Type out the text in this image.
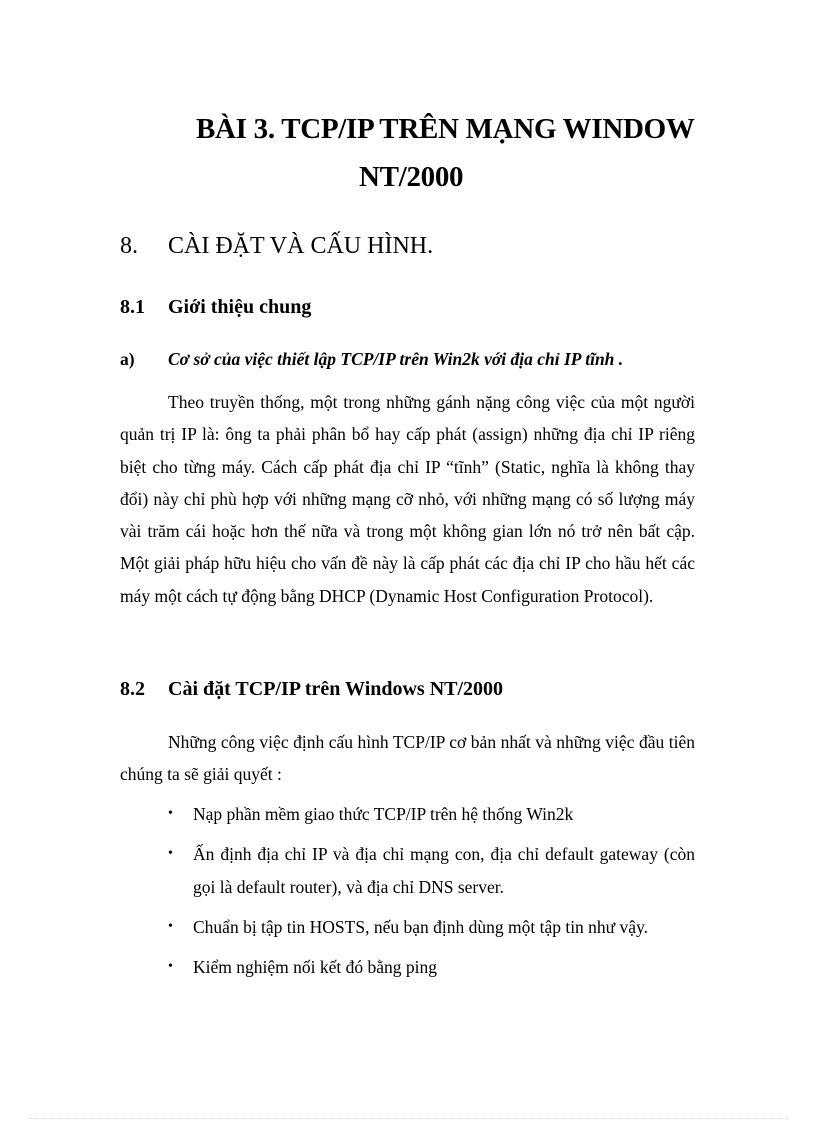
BÀI 3. TCP/IP TRÊN MẠNG WINDOW
NT/2000
8. CÀI ĐẶT VÀ CẤU HÌNH.
8.1 Giới thiệu chung
a) Cơ sở của việc thiết lập TCP/IP trên Win2k với địa chỉ IP tĩnh .

Theo truyền thống, một trong những gánh nặng công việc của một người quản trị IP là: ông ta phải phân bổ hay cấp phát (assign) những địa chỉ IP riêng biệt cho từng máy. Cách cấp phát địa chỉ IP “tĩnh” (Static, nghĩa là không thay đổi) này chỉ phù hợp với những mạng cỡ nhỏ, với những mạng có số lượng máy vài trăm cái hoặc hơn thế nữa và trong một không gian lớn nó trở nên bất cập. Một giải pháp hữu hiệu cho vấn đề này là cấp phát các địa chỉ IP cho hầu hết các máy một cách tự động bằng DHCP (Dynamic Host Configuration Protocol).

8.2 Cài đặt TCP/IP trên Windows NT/2000

Những công việc định cấu hình TCP/IP cơ bản nhất và những việc đầu tiên chúng ta sẽ giải quyết :

• Nạp phần mềm giao thức TCP/IP trên hệ thống Win2k
• Ấn định địa chỉ IP và địa chỉ mạng con, địa chỉ default gateway (còn gọi là default router), và địa chỉ DNS server.
• Chuẩn bị tập tin HOSTS, nếu bạn định dùng một tập tin như vậy.
• Kiểm nghiệm nối kết đó bằng ping
